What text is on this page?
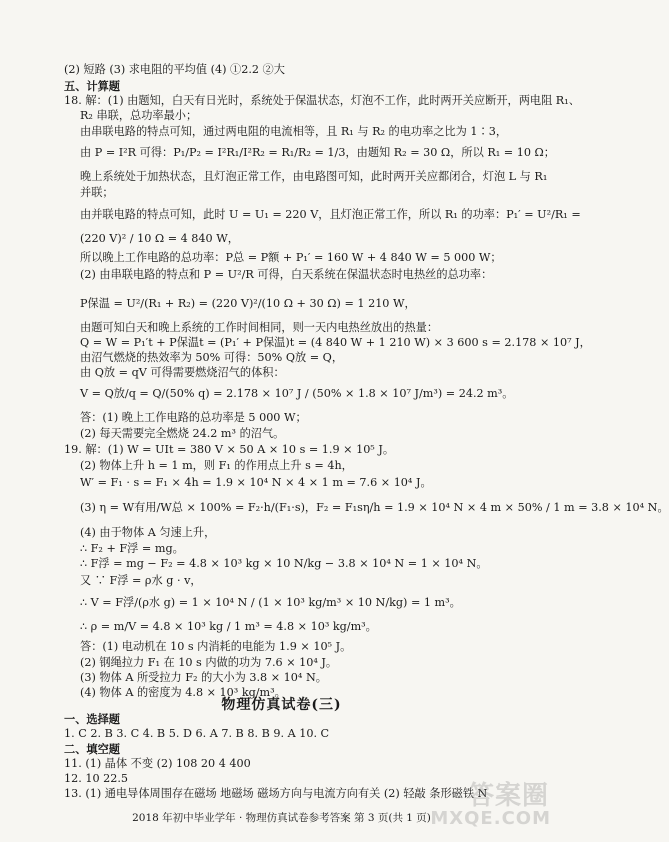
(2) 短路 (3) 求电阻的平均值 (4) ①2.2 ②大
五、计算题
18. 解：(1) 由题知，白天有日光时，系统处于保温状态，灯泡不工作，此时两开关应断开，两电阻 R₁、
R₂ 串联，总功率最小；
由串联电路的特点可知，通过两电阻的电流相等，且 R₁ 与 R₂ 的电功率之比为 1∶3，
由 P = I²R 可得：P₁/P₂ = I²R₁/I²R₂ = R₁/R₂ = 1/3，由题知 R₂ = 30 Ω，所以 R₁ = 10 Ω；
晚上系统处于加热状态，且灯泡正常工作，由电路图可知，此时两开关应都闭合，灯泡 L 与 R₁
并联；
由并联电路的特点可知，此时 U = U₁ = 220 V，且灯泡正常工作，所以 R₁ 的功率：P₁′ = U²/R₁ =
(220 V)² / 10 Ω = 4 840 W，
所以晚上工作电路的总功率：P总 = P额 + P₁′ = 160 W + 4 840 W = 5 000 W；
(2) 由串联电路的特点和 P = U²/R 可得，白天系统在保温状态时电热丝的总功率：
P保温 = U²/(R₁ + R₂) = (220 V)²/(10 Ω + 30 Ω) = 1 210 W，
由题可知白天和晚上系统的工作时间相同，则一天内电热丝放出的热量：
Q = W = P₁′t + P保温t = (P₁′ + P保温)t = (4 840 W + 1 210 W) × 3 600 s = 2.178 × 10⁷ J，
由沼气燃烧的热效率为 50% 可得：50% Q放 = Q，
由 Q放 = qV 可得需要燃烧沼气的体积：
V = Q放/q = Q/(50% q) = 2.178 × 10⁷ J / (50% × 1.8 × 10⁷ J/m³) = 24.2 m³。
答：(1) 晚上工作电路的总功率是 5 000 W；
(2) 每天需要完全燃烧 24.2 m³ 的沼气。
19. 解：(1) W = UIt = 380 V × 50 A × 10 s = 1.9 × 10⁵ J。
(2) 物体上升 h = 1 m，则 F₁ 的作用点上升 s = 4h，
W′ = F₁ · s = F₁ × 4h = 1.9 × 10⁴ N × 4 × 1 m = 7.6 × 10⁴ J。
(3) η = W有用/W总 × 100% = F₂·h/(F₁·s)，F₂ = F₁sη/h = 1.9 × 10⁴ N × 4 m × 50% / 1 m = 3.8 × 10⁴ N。
(4) 由于物体 A 匀速上升，
∴ F₂ + F浮 = mg。
∴ F浮 = mg − F₂ = 4.8 × 10³ kg × 10 N/kg − 3.8 × 10⁴ N = 1 × 10⁴ N。
又 ∵ F浮 = ρ水 g · v，
∴ V = F浮/(ρ水 g) = 1 × 10⁴ N / (1 × 10³ kg/m³ × 10 N/kg) = 1 m³。
∴ ρ = m/V = 4.8 × 10³ kg / 1 m³ = 4.8 × 10³ kg/m³。
答：(1) 电动机在 10 s 内消耗的电能为 1.9 × 10⁵ J。
(2) 钢绳拉力 F₁ 在 10 s 内做的功为 7.6 × 10⁴ J。
(3) 物体 A 所受拉力 F₂ 的大小为 3.8 × 10⁴ N。
(4) 物体 A 的密度为 4.8 × 10³ kg/m³。
物理仿真试卷(三)
一、选择题
1. C 2. B 3. C 4. B 5. D 6. A 7. B 8. B 9. A 10. C
二、填空题
11. (1) 晶体 不变 (2) 108 20 4 400
12. 10 22.5
13. (1) 通电导体周围存在磁场 地磁场 磁场方向与电流方向有关 (2) 轻敲 条形磁铁 N
2018 年初中毕业学年 · 物理仿真试卷参考答案 第 3 页(共 1 页)
答案圈
MXQE.COM
